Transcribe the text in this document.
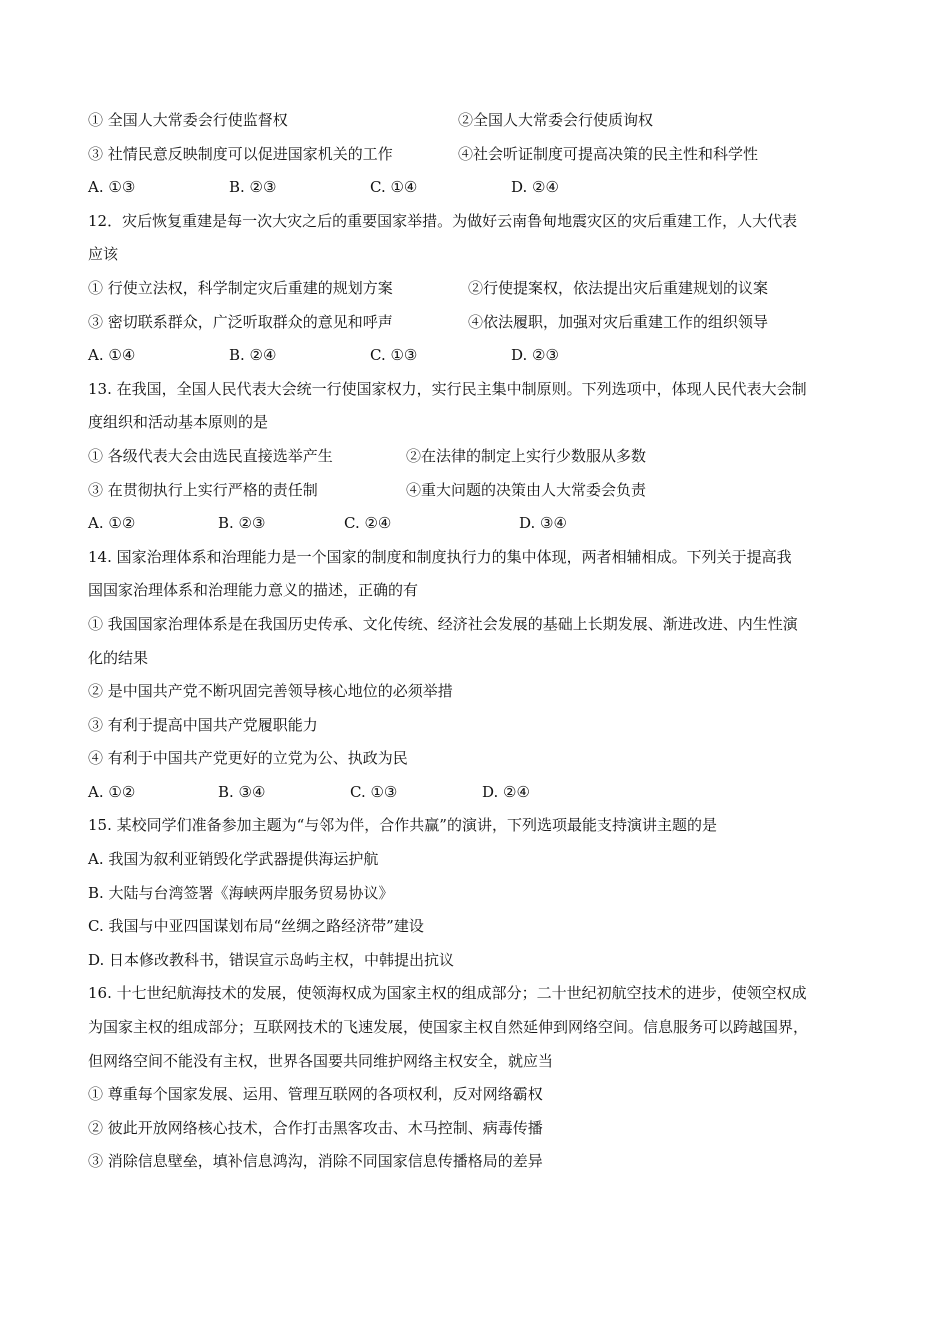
① 全国人大常委会行使监督权	②全国人大常委会行使质询权
③ 社情民意反映制度可以促进国家机关的工作	④社会听证制度可提高决策的民主性和科学性
A. ①③	B. ②③	C. ①④	D. ②④
12．灾后恢复重建是每一次大灾之后的重要国家举措。为做好云南鲁甸地震灾区的灾后重建工作，人大代表
应该
① 行使立法权，科学制定灾后重建的规划方案	②行使提案权，依法提出灾后重建规划的议案
③ 密切联系群众，广泛听取群众的意见和呼声	④依法履职，加强对灾后重建工作的组织领导
A. ①④	B. ②④	C. ①③	D. ②③
13. 在我国，全国人民代表大会统一行使国家权力，实行民主集中制原则。下列选项中，体现人民代表大会制
度组织和活动基本原则的是
① 各级代表大会由选民直接选举产生	②在法律的制定上实行少数服从多数
③ 在贯彻执行上实行严格的责任制	④重大问题的决策由人大常委会负责
A. ①②	B. ②③	C. ②④	D. ③④
14. 国家治理体系和治理能力是一个国家的制度和制度执行力的集中体现，两者相辅相成。下列关于提高我
国国家治理体系和治理能力意义的描述，正确的有
① 我国国家治理体系是在我国历史传承、文化传统、经济社会发展的基础上长期发展、渐进改进、内生性演
化的结果
② 是中国共产党不断巩固完善领导核心地位的必须举措
③ 有利于提高中国共产党履职能力
④ 有利于中国共产党更好的立党为公、执政为民
A. ①②	B. ③④	C. ①③	D. ②④
15. 某校同学们准备参加主题为“与邻为伴，合作共赢”的演讲，下列选项最能支持演讲主题的是
A. 我国为叙利亚销毁化学武器提供海运护航
B. 大陆与台湾签署《海峡两岸服务贸易协议》
C. 我国与中亚四国谋划布局“丝绸之路经济带”建设
D. 日本修改教科书，错误宣示岛屿主权，中韩提出抗议
16. 十七世纪航海技术的发展，使领海权成为国家主权的组成部分；二十世纪初航空技术的进步，使领空权成
为国家主权的组成部分；互联网技术的飞速发展，使国家主权自然延伸到网络空间。信息服务可以跨越国界，
但网络空间不能没有主权，世界各国要共同维护网络主权安全，就应当
① 尊重每个国家发展、运用、管理互联网的各项权利，反对网络霸权
② 彼此开放网络核心技术，合作打击黑客攻击、木马控制、病毒传播
③ 消除信息壁垒，填补信息鸿沟，消除不同国家信息传播格局的差异
